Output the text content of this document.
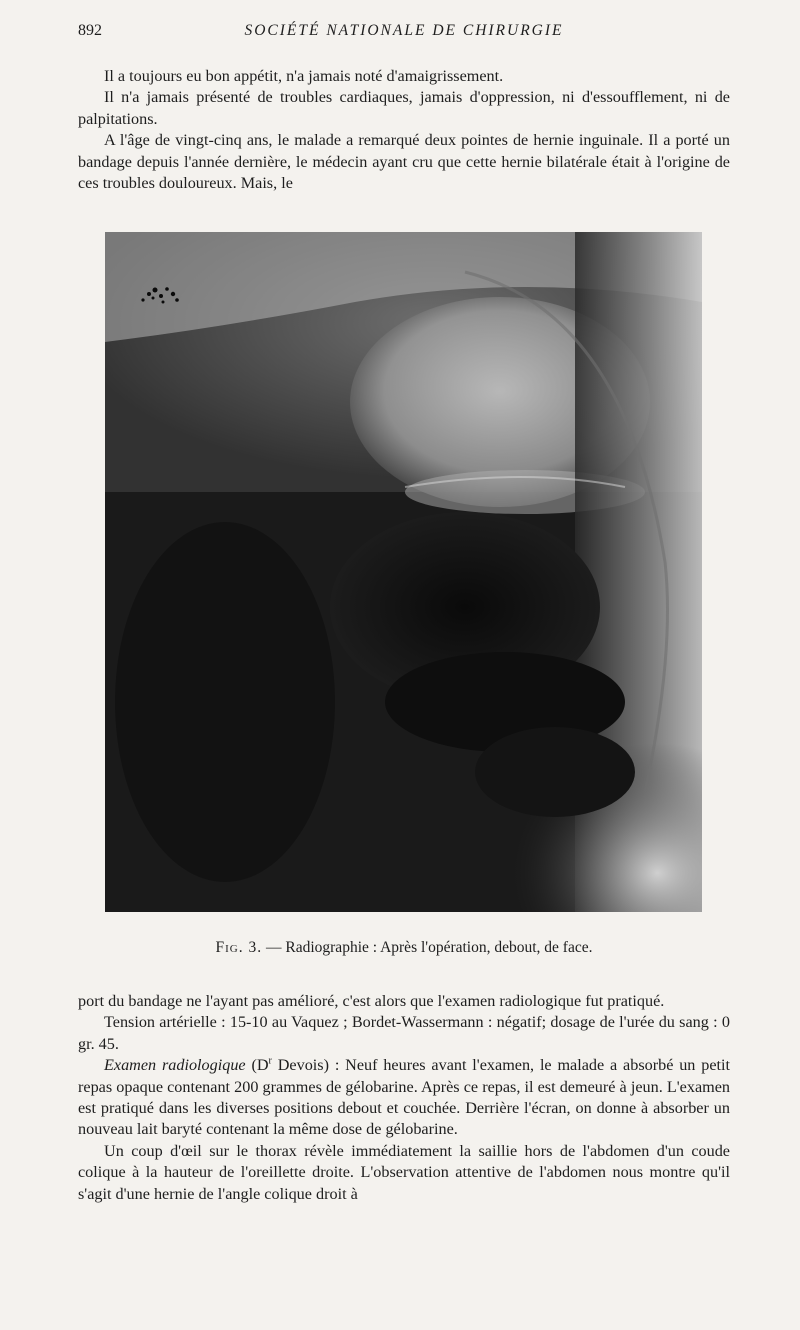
892	SOCIÉTÉ NATIONALE DE CHIRURGIE

Il a toujours eu bon appétit, n'a jamais noté d'amaigrissement.

Il n'a jamais présenté de troubles cardiaques, jamais d'oppression, ni d'essoufflement, ni de palpitations.

A l'âge de vingt-cinq ans, le malade a remarqué deux pointes de hernie inguinale. Il a porté un bandage depuis l'année dernière, le médecin ayant cru que cette hernie bilatérale était à l'origine de ces troubles douloureux. Mais, le

Fig. 3. — Radiographie : Après l'opération, debout, de face.

port du bandage ne l'ayant pas amélioré, c'est alors que l'examen radiologique fut pratiqué.

Tension artérielle : 15-10 au Vaquez ; Bordet-Wassermann : négatif; dosage de l'urée du sang : 0 gr. 45.

Examen radiologique ($D^r$ Devois) : Neuf heures avant l'examen, le malade a absorbé un petit repas opaque contenant 200 grammes de gélobarine. Après ce repas, il est demeuré à jeun. L'examen est pratiqué dans les diverses positions debout et couchée. Derrière l'écran, on donne à absorber un nouveau lait baryté contenant la même dose de gélobarine.

Un coup d'œil sur le thorax révèle immédiatement la saillie hors de l'abdomen d'un coude colique à la hauteur de l'oreillette droite. L'observation attentive de l'abdomen nous montre qu'il s'agit d'une hernie de l'angle colique droit à
